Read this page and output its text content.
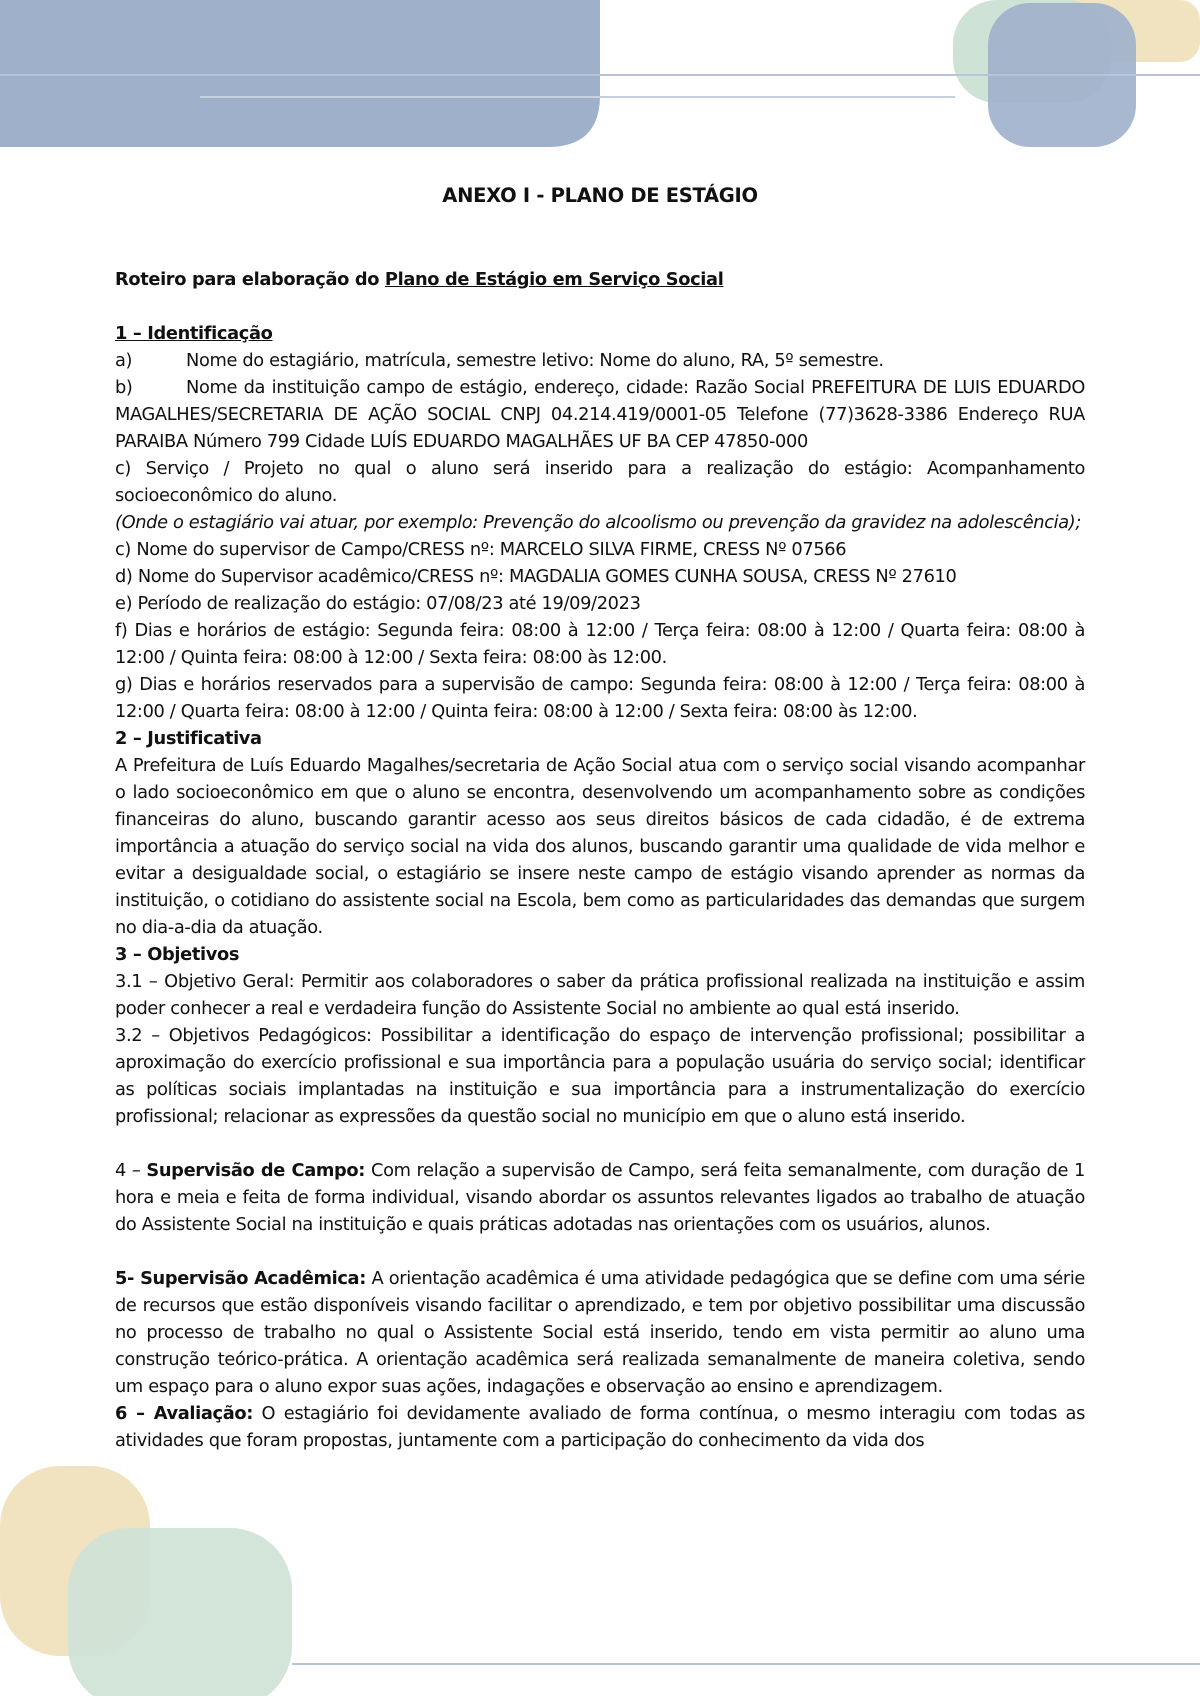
ANEXO I - PLANO DE ESTÁGIO

Roteiro para elaboração do Plano de Estágio em Serviço Social

1 – Identificação

a)	Nome do estagiário, matrícula, semestre letivo: Nome do aluno, RA, 5º semestre.

b)	Nome da instituição campo de estágio, endereço, cidade: Razão Social PREFEITURA DE LUIS EDUARDO MAGALHES/SECRETARIA DE AÇÃO SOCIAL CNPJ 04.214.419/0001-05 Telefone (77)3628-3386 Endereço RUA PARAIBA Número 799 Cidade LUÍS EDUARDO MAGALHÃES UF BA CEP 47850-000

c) Serviço / Projeto no qual o aluno será inserido para a realização do estágio: Acompanhamento socioeconômico do aluno.

(Onde o estagiário vai atuar, por exemplo: Prevenção do alcoolismo ou prevenção da gravidez na adolescência);

c) Nome do supervisor de Campo/CRESS nº: MARCELO SILVA FIRME, CRESS Nº 07566

d) Nome do Supervisor acadêmico/CRESS nº: MAGDALIA GOMES CUNHA SOUSA, CRESS Nº 27610

e) Período de realização do estágio: 07/08/23 até 19/09/2023

f) Dias e horários de estágio: Segunda feira: 08:00 à 12:00 / Terça feira: 08:00 à 12:00 / Quarta feira: 08:00 à 12:00 / Quinta feira: 08:00 à 12:00 / Sexta feira: 08:00 às 12:00.

g) Dias e horários reservados para a supervisão de campo: Segunda feira: 08:00 à 12:00 / Terça feira: 08:00 à 12:00 / Quarta feira: 08:00 à 12:00 / Quinta feira: 08:00 à 12:00 / Sexta feira: 08:00 às 12:00.

2 – Justificativa

A Prefeitura de Luís Eduardo Magalhes/secretaria de Ação Social atua com o serviço social visando acompanhar o lado socioeconômico em que o aluno se encontra, desenvolvendo um acompanhamento sobre as condições financeiras do aluno, buscando garantir acesso aos seus direitos básicos de cada cidadão, é de extrema importância a atuação do serviço social na vida dos alunos, buscando garantir uma qualidade de vida melhor e evitar a desigualdade social, o estagiário se insere neste campo de estágio visando aprender as normas da instituição, o cotidiano do assistente social na Escola, bem como as particularidades das demandas que surgem no dia-a-dia da atuação.

3 – Objetivos

3.1 – Objetivo Geral: Permitir aos colaboradores o saber da prática profissional realizada na instituição e assim poder conhecer a real e verdadeira função do Assistente Social no ambiente ao qual está inserido.

3.2 – Objetivos Pedagógicos: Possibilitar a identificação do espaço de intervenção profissional; possibilitar a aproximação do exercício profissional e sua importância para a população usuária do serviço social; identificar as políticas sociais implantadas na instituição e sua importância para a instrumentalização do exercício profissional; relacionar as expressões da questão social no município em que o aluno está inserido.

4 – Supervisão de Campo: Com relação a supervisão de Campo, será feita semanalmente, com duração de 1 hora e meia e feita de forma individual, visando abordar os assuntos relevantes ligados ao trabalho de atuação do Assistente Social na instituição e quais práticas adotadas nas orientações com os usuários, alunos.

5- Supervisão Acadêmica: A orientação acadêmica é uma atividade pedagógica que se define com uma série de recursos que estão disponíveis visando facilitar o aprendizado, e tem por objetivo possibilitar uma discussão no processo de trabalho no qual o Assistente Social está inserido, tendo em vista permitir ao aluno uma construção teórico-prática. A orientação acadêmica será realizada semanalmente de maneira coletiva, sendo um espaço para o aluno expor suas ações, indagações e observação ao ensino e aprendizagem.

6 – Avaliação: O estagiário foi devidamente avaliado de forma contínua, o mesmo interagiu com todas as atividades que foram propostas, juntamente com a participação do conhecimento da vida dos
